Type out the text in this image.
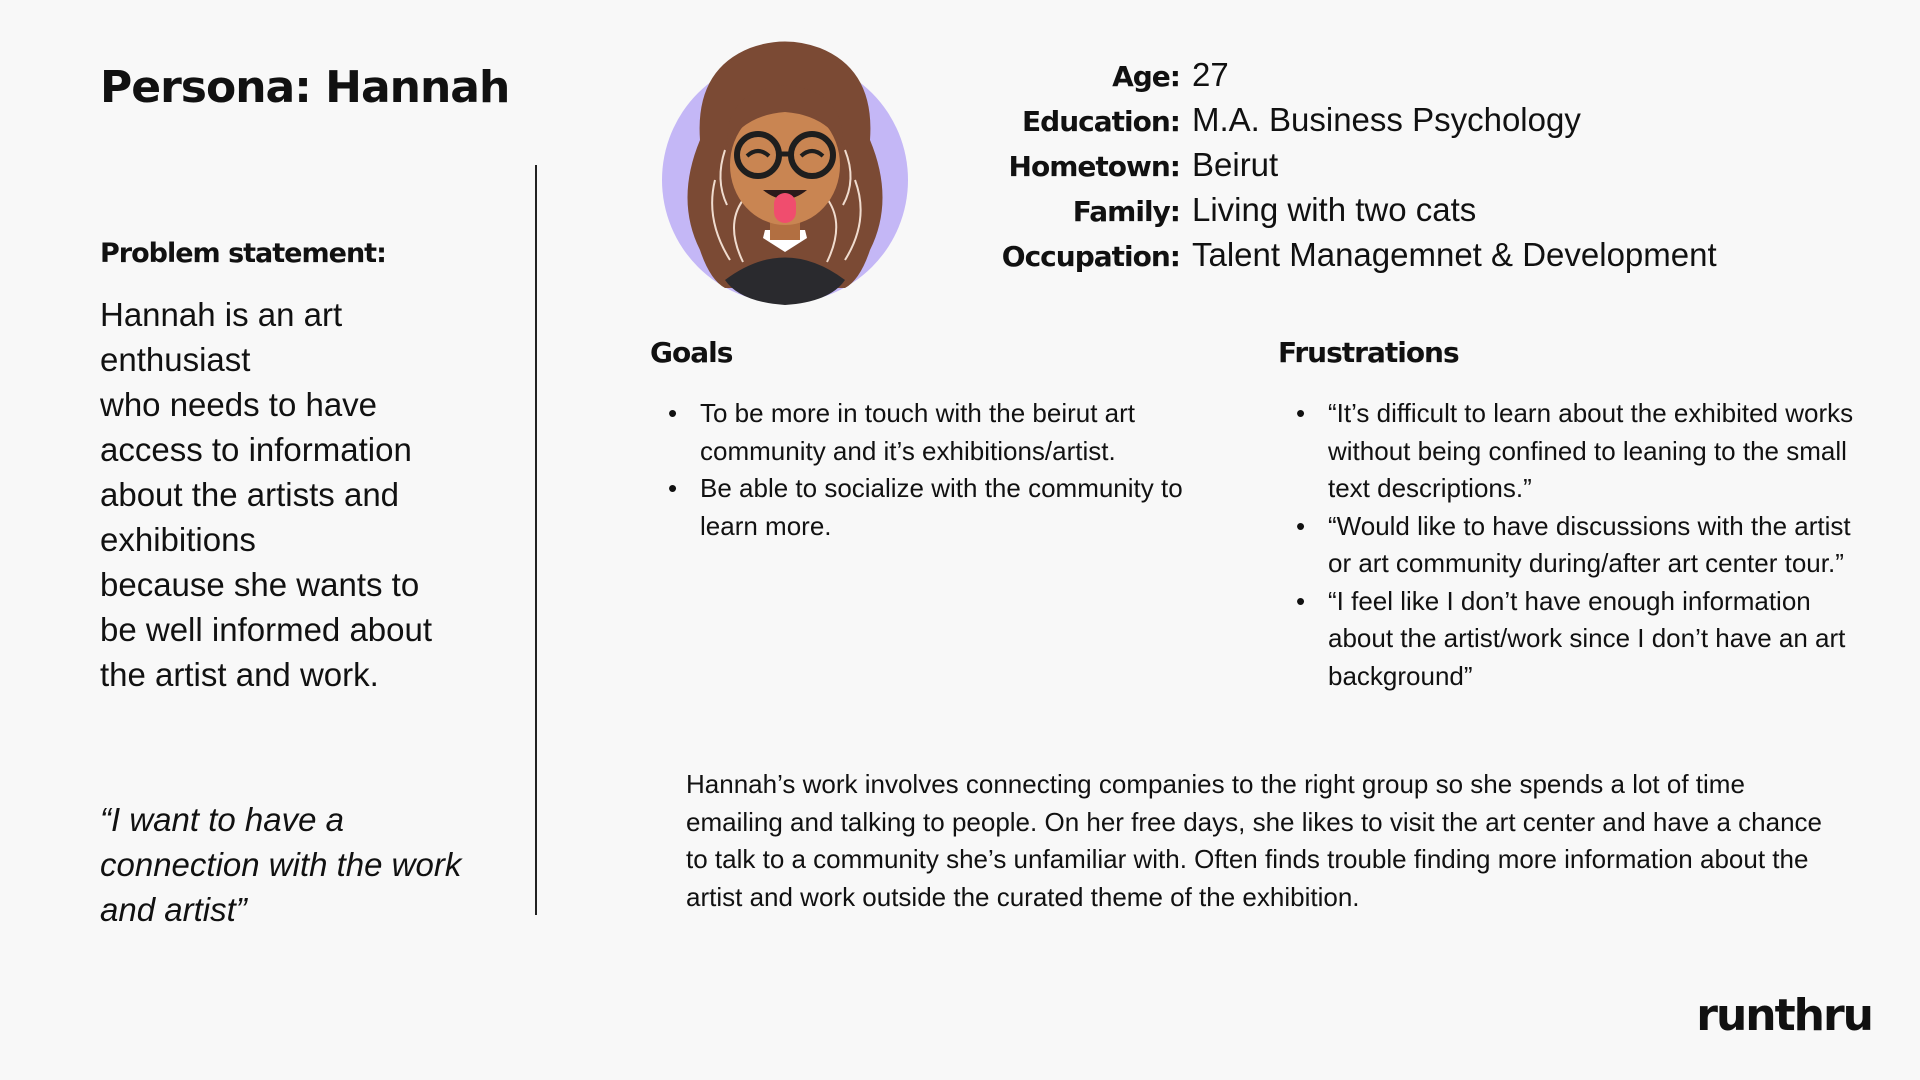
Persona: Hannah
Problem statement:
Hannah is an art
enthusiast
who needs to have
access to information
about the artists and
exhibitions
because she wants to
be well informed about
the artist and work.
“I want to have a
connection with the work
and artist”
Age: 27
Education: M.A. Business Psychology
Hometown: Beirut
Family: Living with two cats
Occupation: Talent Managemnet & Development
Goals
• To be more in touch with the beirut art
community and it’s exhibitions/artist.
• Be able to socialize with the community to
learn more.
Frustrations
• “It’s difficult to learn about the exhibited works
without being confined to leaning to the small
text descriptions.”
• “Would like to have discussions with the artist
or art community during/after art center tour.”
• “I feel like I don’t have enough information
about the artist/work since I don’t have an art
background”
Hannah’s work involves connecting companies to the right group so she spends a lot of time
emailing and talking to people. On her free days, she likes to visit the art center and have a chance
to talk to a community she’s unfamiliar with. Often finds trouble finding more information about the
artist and work outside the curated theme of the exhibition.
runthru
